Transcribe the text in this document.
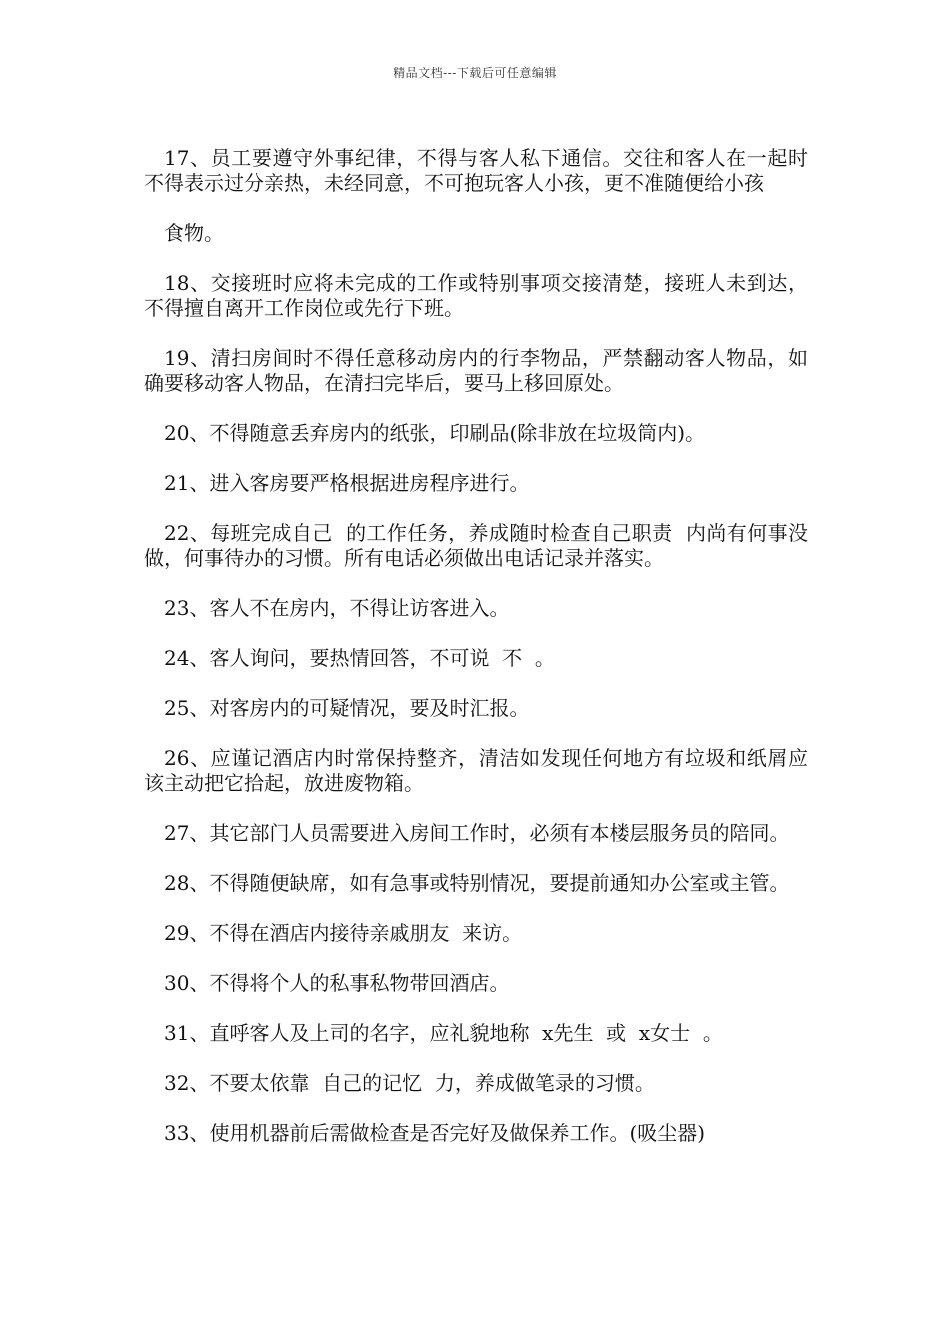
精品文档---下载后可任意编辑

17、员工要遵守外事纪律，不得与客人私下通信。交往和客人在一起时不得表示过分亲热，未经同意，不可抱玩客人小孩，更不准随便给小孩

食物。

18、交接班时应将未完成的工作或特别事项交接清楚，接班人未到达，不得擅自离开工作岗位或先行下班。

19、清扫房间时不得任意移动房内的行李物品，严禁翻动客人物品，如确要移动客人物品，在清扫完毕后，要马上移回原处。

20、不得随意丢弃房内的纸张，印刷品(除非放在垃圾筒内)。

21、进入客房要严格根据进房程序进行。

22、每班完成自己  的工作任务，养成随时检查自己职责  内尚有何事没做，何事待办的习惯。所有电话必须做出电话记录并落实。

23、客人不在房内，不得让访客进入。

24、客人询问，要热情回答，不可说  不  。

25、对客房内的可疑情况，要及时汇报。

26、应谨记酒店内时常保持整齐，清洁如发现任何地方有垃圾和纸屑应该主动把它拾起，放进废物箱。

27、其它部门人员需要进入房间工作时，必须有本楼层服务员的陪同。

28、不得随便缺席，如有急事或特别情况，要提前通知办公室或主管。

29、不得在酒店内接待亲戚朋友  来访。

30、不得将个人的私事私物带回酒店。

31、直呼客人及上司的名字，应礼貌地称  x先生  或  x女士  。

32、不要太依靠  自己的记忆  力，养成做笔录的习惯。

33、使用机器前后需做检查是否完好及做保养工作。(吸尘器)
